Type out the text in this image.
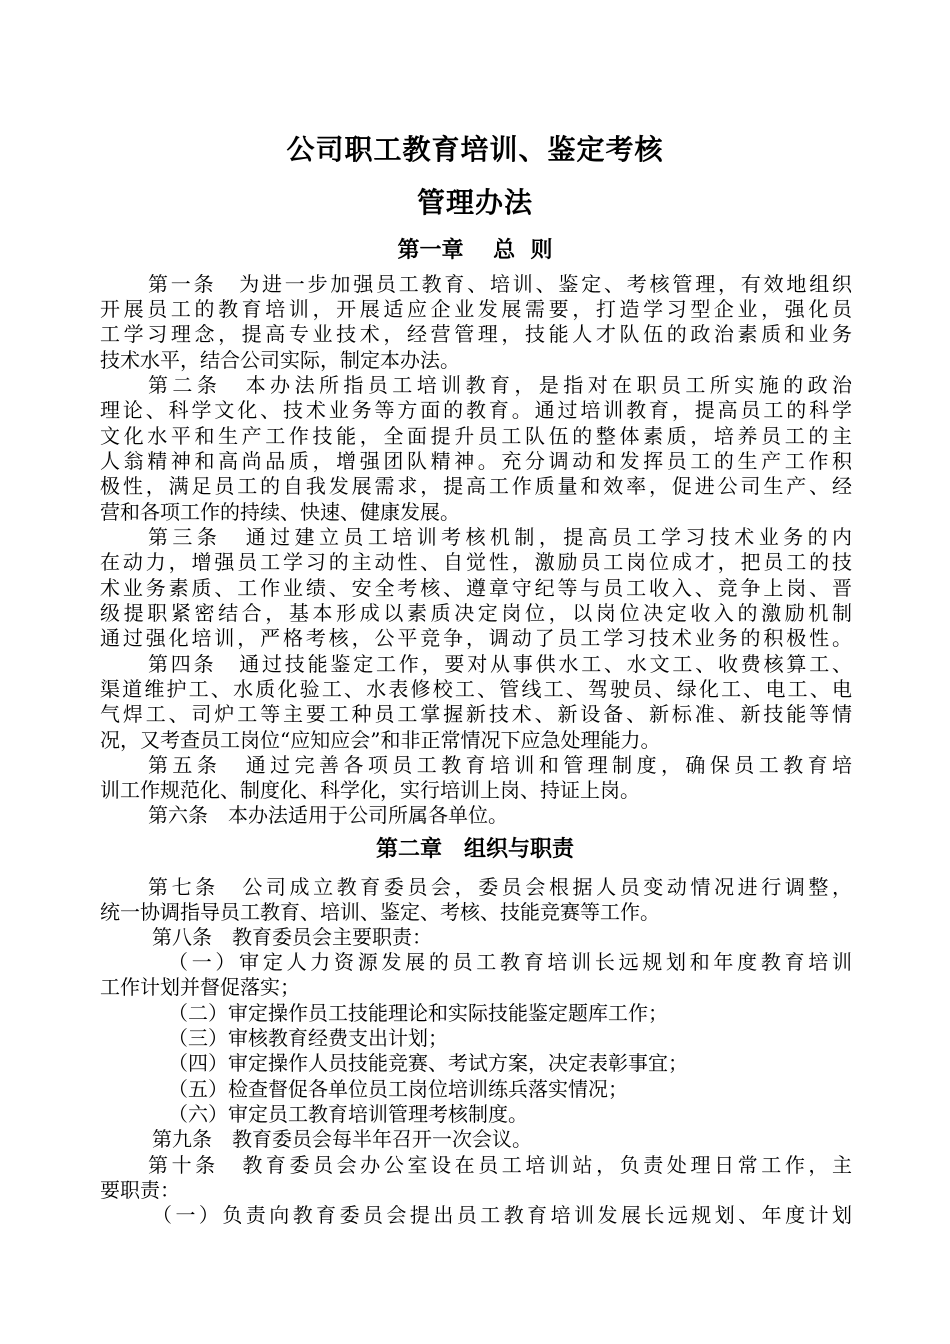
公司职工教育培训、鉴定考核
管理办法
第一章　 总  则
第一条　为进一步加强员工教育、培训、鉴定、考核管理，有效地组织
开展员工的教育培训，开展适应企业发展需要，打造学习型企业，强化员
工学习理念，提高专业技术，经营管理，技能人才队伍的政治素质和业务
技术水平，结合公司实际，制定本办法。
第二条　本办法所指员工培训教育，是指对在职员工所实施的政治
理论、科学文化、技术业务等方面的教育。通过培训教育，提高员工的科学
文化水平和生产工作技能，全面提升员工队伍的整体素质，培养员工的主
人翁精神和高尚品质，增强团队精神。充分调动和发挥员工的生产工作积
极性，满足员工的自我发展需求，提高工作质量和效率，促进公司生产、经
营和各项工作的持续、快速、健康发展。
第三条　通过建立员工培训考核机制，提高员工学习技术业务的内
在动力，增强员工学习的主动性、自觉性，激励员工岗位成才，把员工的技
术业务素质、工作业绩、安全考核、遵章守纪等与员工收入、竞争上岗、晋
级提职紧密结合，基本形成以素质决定岗位，以岗位决定收入的激励机制
通过强化培训，严格考核，公平竞争，调动了员工学习技术业务的积极性。
第四条　通过技能鉴定工作，要对从事供水工、水文工、收费核算工、
渠道维护工、水质化验工、水表修校工、管线工、驾驶员、绿化工、电工、电
气焊工、司炉工等主要工种员工掌握新技术、新设备、新标准、新技能等情
况，又考查员工岗位“应知应会”和非正常情况下应急处理能力。
第五条　通过完善各项员工教育培训和管理制度，确保员工教育培
训工作规范化、制度化、科学化，实行培训上岗、持证上岗。
第六条　本办法适用于公司所属各单位。
第二章　组织与职责
第七条　公司成立教育委员会，委员会根据人员变动情况进行调整，
统一协调指导员工教育、培训、鉴定、考核、技能竞赛等工作。
第八条　教育委员会主要职责：
（一）审定人力资源发展的员工教育培训长远规划和年度教育培训
工作计划并督促落实；
（二）审定操作员工技能理论和实际技能鉴定题库工作；
（三）审核教育经费支出计划；
（四）审定操作人员技能竞赛、考试方案，决定表彰事宜；
（五）检查督促各单位员工岗位培训练兵落实情况；
（六）审定员工教育培训管理考核制度。
第九条　教育委员会每半年召开一次会议。
第十条　教育委员会办公室设在员工培训站，负责处理日常工作，主
要职责：
（一）负责向教育委员会提出员工教育培训发展长远规划、年度计划
